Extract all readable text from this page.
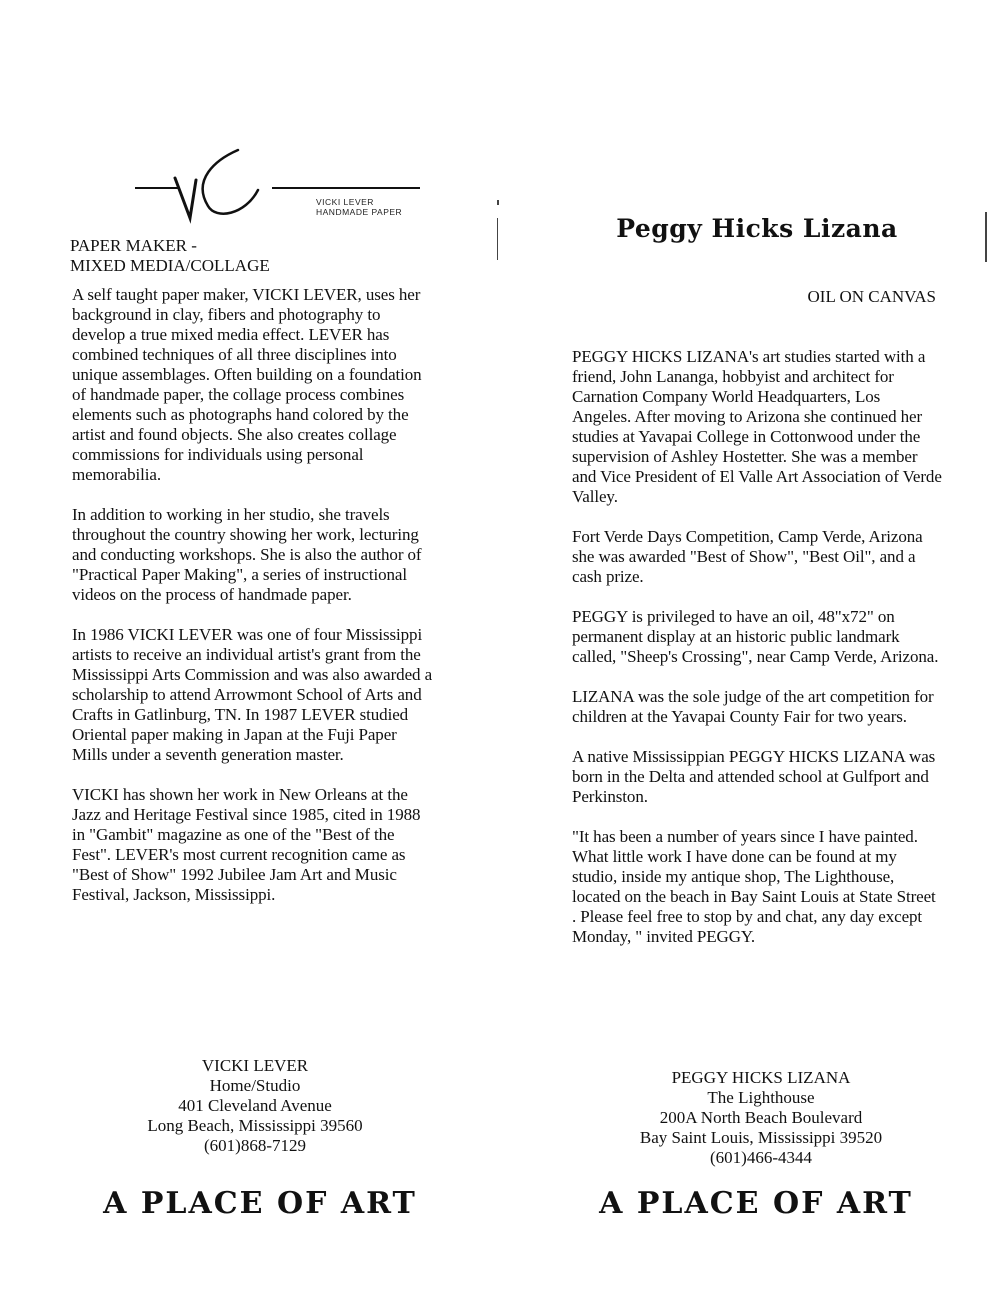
VICKI LEVER
HANDMADE PAPER
PAPER MAKER -
MIXED MEDIA/COLLAGE

A self taught paper maker, VICKI LEVER, uses her background in clay, fibers and photography to develop a true mixed media effect. LEVER has combined techniques of all three disciplines into unique assemblages. Often building on a foundation of handmade paper, the collage process combines elements such as photographs hand colored by the artist and found objects. She also creates collage commissions for individuals using personal memorabilia.

In addition to working in her studio, she travels throughout the country showing her work, lecturing and conducting workshops. She is also the author of "Practical Paper Making", a series of instructional videos on the process of handmade paper.

In 1986 VICKI LEVER was one of four Mississippi artists to receive an individual artist's grant from the Mississippi Arts Commission and was also awarded a scholarship to attend Arrowmont School of Arts and Crafts in Gatlinburg, TN. In 1987 LEVER studied Oriental paper making in Japan at the Fuji Paper Mills under a seventh generation master.

VICKI has shown her work in New Orleans at the Jazz and Heritage Festival since 1985, cited in 1988 in "Gambit" magazine as one of the "Best of the Fest". LEVER's most current recognition came as "Best of Show" 1992 Jubilee Jam Art and Music Festival, Jackson, Mississippi.

VICKI LEVER
Home/Studio
401 Cleveland Avenue
Long Beach, Mississippi 39560
(601)868-7129
A PLACE OF ART
Peggy Hicks Lizana
OIL ON CANVAS

PEGGY HICKS LIZANA's art studies started with a friend, John Lananga, hobbyist and architect for Carnation Company World Headquarters, Los Angeles. After moving to Arizona she continued her studies at Yavapai College in Cottonwood under the supervision of Ashley Hostetter. She was a member and Vice President of El Valle Art Association of Verde Valley.

Fort Verde Days Competition, Camp Verde, Arizona she was awarded "Best of Show", "Best Oil", and a cash prize.

PEGGY is privileged to have an oil, 48"x72" on permanent display at an historic public landmark called, "Sheep's Crossing", near Camp Verde, Arizona.

LIZANA was the sole judge of the art competition for children at the Yavapai County Fair for two years.

A native Mississippian PEGGY HICKS LIZANA was born in the Delta and attended school at Gulfport and Perkinston.

"It has been a number of years since I have painted. What little work I have done can be found at my studio, inside my antique shop, The Lighthouse, located on the beach in Bay Saint Louis at State Street . Please feel free to stop by and chat, any day except Monday, " invited PEGGY.

PEGGY HICKS LIZANA
The Lighthouse
200A North Beach Boulevard
Bay Saint Louis, Mississippi 39520
(601)466-4344
A PLACE OF ART
